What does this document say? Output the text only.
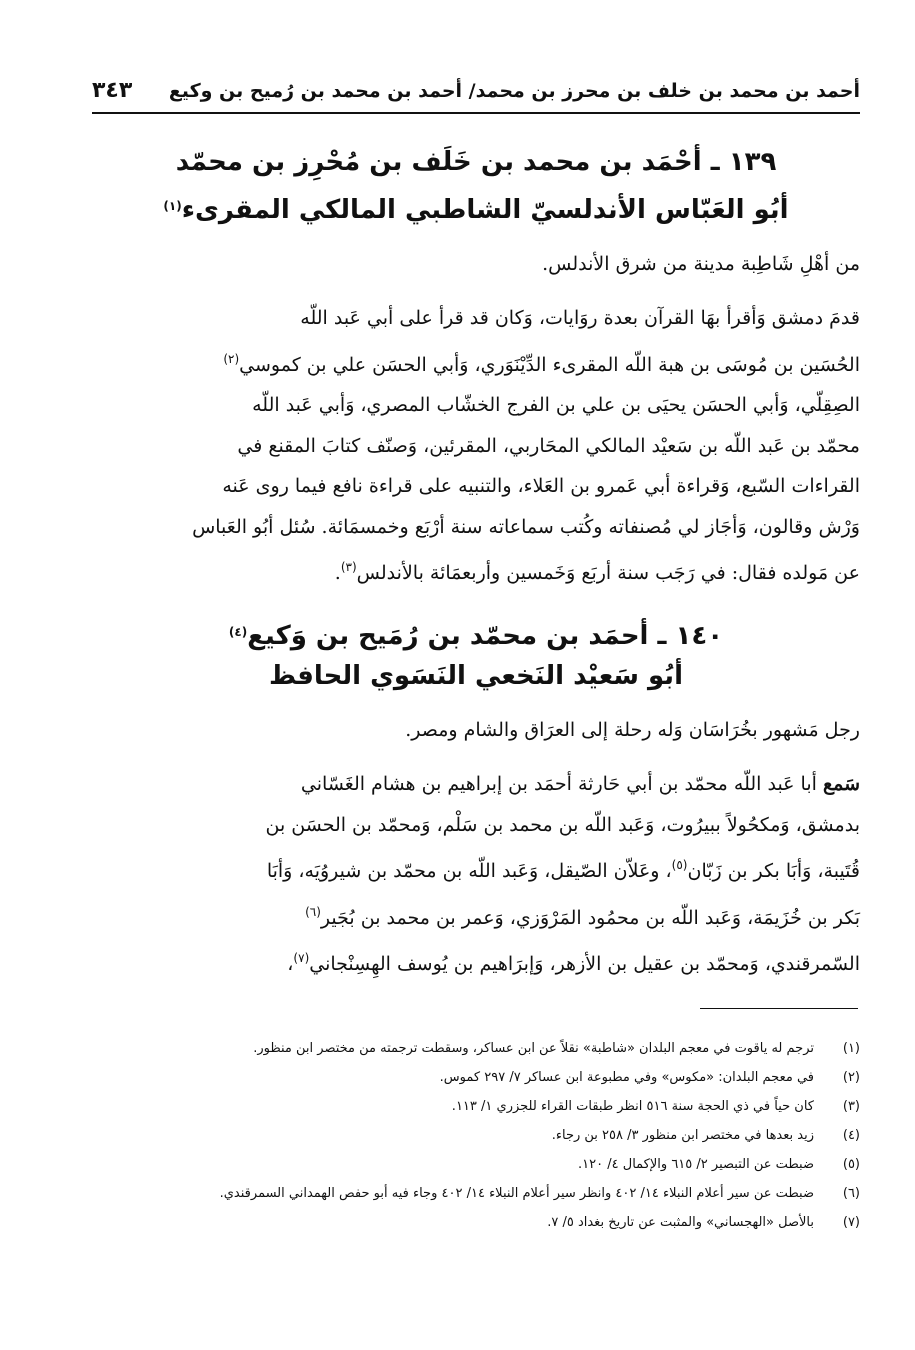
أحمد بن محمد بن خلف بن محرز بن محمد/ أحمد بن محمد بن رُميح بن وكيع
٣٤٣
١٣٩ ـ أحْمَد بن محمد بن خَلَف بن مُحْرِز بن محمّد
أبُو العَبّاس الأندلسيّ الشاطبي المالكي المقرىء$^{(١)}$
من أهْلِ شَاطِبة مدينة من شرق الأندلس.
قدمَ دمشق وَأقرأ بهَا القرآن بعدة روَايات، وَكان قد قرأ على أبي عَبد اللّه
الحُسَين بن مُوسَى بن هبة اللّه المقرىء الدِّيْنَوَري، وَأبي الحسَن علي بن كموسي$^{(٢)}$
الصِقِلّي، وَأبي الحسَن يحيَى بن علي بن الفرج الخشّاب المصري، وَأبي عَبد اللّه
محمّد بن عَبد اللّه بن سَعيْد المالكي المحَاربي، المقرئين، وَصنّف كتابَ المقنع في
القراءات السّبع، وَقراءة أبي عَمرو بن العَلاء، والتنبيه على قراءة نافع فيما روى عَنه
وَرْش وقالون، وَأجَاز لي مُصنفاته وكُتب سماعاته سنة أرْبَع وخمسمَائة. سُئل أبُو العَباس
عن مَولده فقال: في رَجَب سنة أربَع وَخَمسين وأربعمَائة بالأندلس$^{(٣)}$.
١٤٠ ـ أحمَد بن محمّد بن رُمَيح بن وَكيع$^{(٤)}$
أبُو سَعيْد النَخعي النَسَوي الحافظ
رجل مَشهور بخُرَاسَان وَله رحلة إلى العرَاق والشام ومصر.
سَمع أبا عَبد اللّه محمّد بن أبي حَارثة أحمَد بن إبراهيم بن هشام الغَسّاني
بدمشق، وَمكحُولاً ببيرُوت، وَعَبد اللّه بن محمد بن سَلْم، وَمحمّد بن الحسَن بن
قُتَيبة، وَأبَا بكر بن زَبّان$^{(٥)}$، وعَلاّن الصّيقل، وَعَبد اللّه بن محمّد بن شيروُيَه، وَأبَا
بَكر بن خُزَيمَة، وَعَبد اللّه بن محمُود المَرْوَزي، وَعمر بن محمد بن بُجَير$^{(٦)}$
السّمرقندي، وَمحمّد بن عقيل بن الأزهر، وَإبرَاهيم بن يُوسف الهِسِنْجاني$^{(٧)}$،
(١)
ترجم له ياقوت في معجم البلدان «شاطبة» نقلاً عن ابن عساكر، وسقطت ترجمته من مختصر ابن منظور.
(٢)
في معجم البلدان: «مكوس» وفي مطبوعة ابن عساكر ٧/ ٢٩٧ كموس.
(٣)
كان حياً في ذي الحجة سنة ٥١٦ انظر طبقات القراء للجزري ١/ ١١٣.
(٤)
زيد بعدها في مختصر ابن منظور ٣/ ٢٥٨ بن رجاء.
(٥)
ضبطت عن التبصير ٢/ ٦١٥ والإكمال ٤/ ١٢٠.
(٦)
ضبطت عن سير أعلام النبلاء ١٤/ ٤٠٢ وانظر سير أعلام النبلاء ١٤/ ٤٠٢ وجاء فيه أبو حفص الهمداني السمرقندي.
(٧)
بالأصل «الهجساني» والمثبت عن تاريخ بغداد ٥/ ٧.
